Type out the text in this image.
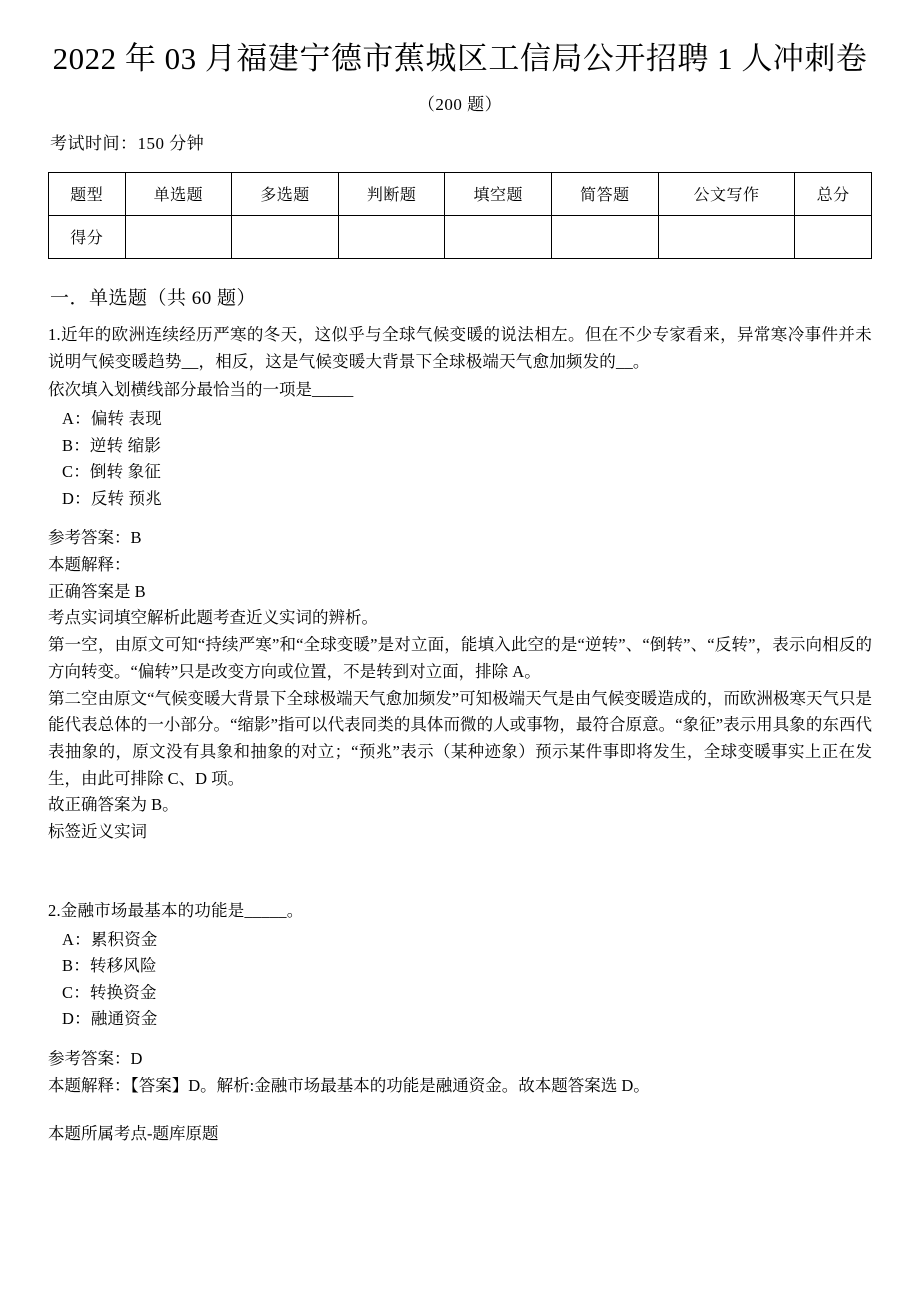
2022 年 03 月福建宁德市蕉城区工信局公开招聘 1 人冲刺卷
（200 题）
考试时间：150 分钟
题型	单选题	多选题	判断题	填空题	简答题	公文写作	总分
得分							
一．单选题（共 60 题）
1.近年的欧洲连续经历严寒的冬天，这似乎与全球气候变暖的说法相左。但在不少专家看来，异常寒冷事件并未说明气候变暖趋势__，相反，这是气候变暖大背景下全球极端天气愈加频发的__。
依次填入划横线部分最恰当的一项是_____
A：偏转 表现
B：逆转 缩影
C：倒转 象征
D：反转 预兆
参考答案：B
本题解释：
正确答案是 B
考点实词填空解析此题考查近义实词的辨析。
第一空，由原文可知“持续严寒”和“全球变暖”是对立面，能填入此空的是“逆转”、“倒转”、“反转”，表示向相反的方向转变。“偏转”只是改变方向或位置，不是转到对立面，排除 A。
第二空由原文“气候变暖大背景下全球极端天气愈加频发”可知极端天气是由气候变暖造成的，而欧洲极寒天气只是能代表总体的一小部分。“缩影”指可以代表同类的具体而微的人或事物，最符合原意。“象征”表示用具象的东西代表抽象的，原文没有具象和抽象的对立；“预兆”表示（某种迹象）预示某件事即将发生，全球变暖事实上正在发生，由此可排除 C、D 项。
故正确答案为 B。
标签近义实词
2.金融市场最基本的功能是_____。
A：累积资金
B：转移风险
C：转换资金
D：融通资金
参考答案：D
本题解释：【答案】D。解析:金融市场最基本的功能是融通资金。故本题答案选 D。
本题所属考点-题库原题
